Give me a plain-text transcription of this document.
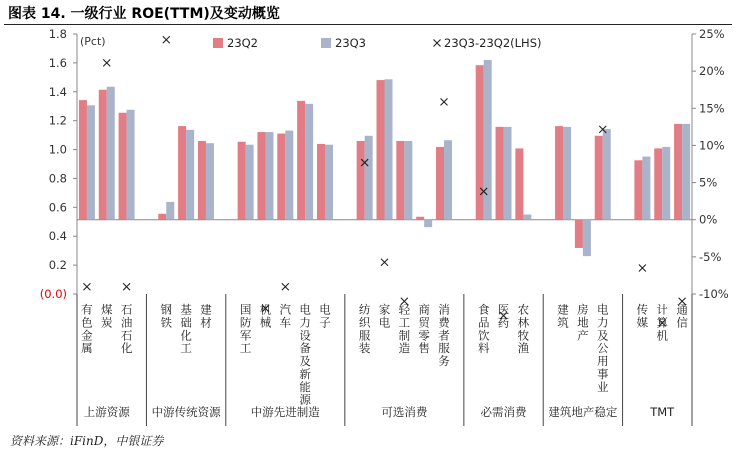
图表 14. 一级行业 ROE(TTM)及变动概览
(0.0)
0.2
0.4
0.6
0.8
1.0
1.2
1.4
1.6
1.8
-10%
-5%
0%
5%
10%
15%
20%
25%
(Pct)
有色金属
煤炭
石油石化
钢铁
基础化工
建材
国防军工
机械
汽车
电力设备及新能源
电子
纺织服装
家电
轻工制造
商贸零售
消费者服务
食品饮料
医药
农林牧渔
建筑
房地产
电力及公用事业
传媒
计算机
通信
上游资源 中游传统资源	中游先进制造	可选消费	必需消费 建筑地产稳定	TMT
23Q2	23Q3	23Q3-23Q2(LHS)
资料来源：iFinD，中银证券
